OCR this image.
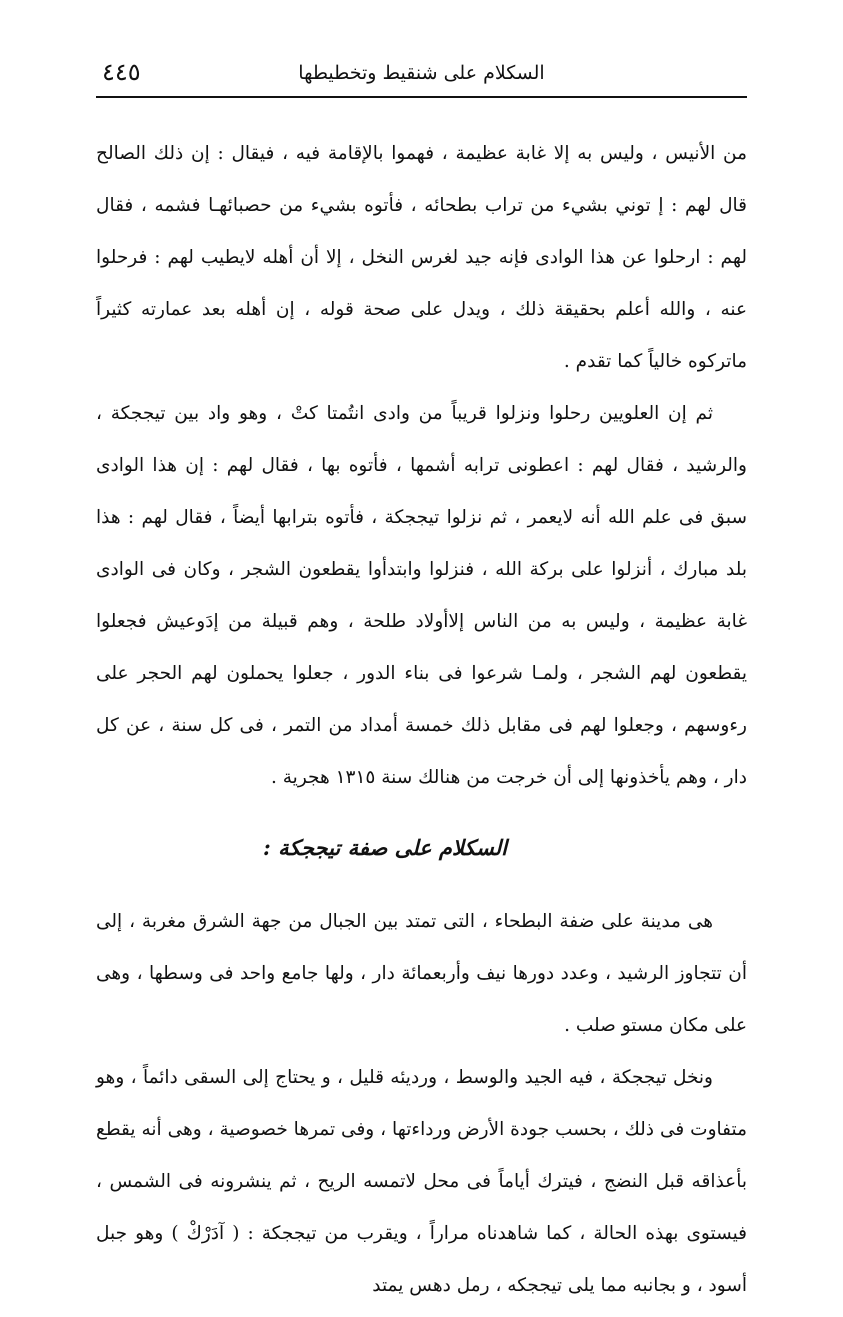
السكلام على شنقيط وتخطيطها
٤٤٥

من الأنيس ، وليس به إلا غابة عظيمة ، فهموا بالإقامة فيه ، فيقال : إن ذلك الصالح قال لهم : إ توني بشيء من تراب بطحائه ، فأتوه بشيء من حصبائهـا فشمه ، فقال لهم : ارحلوا عن هذا الوادى فإنه جيد لغرس النخل ، إلا أن أهله لايطيب لهم : فرحلوا عنه ، والله أعلم بحقيقة ذلك ، ويدل على صحة قوله ، إن أهله بعد عمارته كثيراً ماتركوه خالياً كما تقدم .

ثم إن العلويين رحلوا ونزلوا قريباً من وادى انتُمتا كتْ ، وهو واد بين تيججكة ، والرشيد ، فقال لهم : اعطونى ترابه أشمها ، فأتوه بها ، فقال لهم : إن هذا الوادى سبق فى علم الله أنه لايعمر ، ثم نزلوا تيججكة ، فأتوه بترابها أيضاً ، فقال لهم : هذا بلد مبارك ، أنزلوا على بركة الله ، فنزلوا وابتدأوا يقطعون الشجر ، وكان فى الوادى غابة عظيمة ، وليس به من الناس إلاأولاد طلحة ، وهم قبيلة من إدَوعيش فجعلوا يقطعون لهم الشجر ، ولمـا شرعوا فى بناء الدور ، جعلوا يحملون لهم الحجر على رءوسهم ، وجعلوا لهم فى مقابل ذلك خمسة أمداد من التمر ، فى كل سنة ، عن كل دار ، وهم يأخذونها إلى أن خرجت من هنالك سنة ١٣١٥ هجرية .

السكلام على صفة تيججكة :

هى مدينة على ضفة البطحاء ، التى تمتد بين الجبال من جهة الشرق مغربة ، إلى أن تتجاوز الرشيد ، وعدد دورها نيف وأربعمائة دار ، ولها جامع واحد فى وسطها ، وهى على مكان مستو صلب .

ونخل تيججكة ، فيه الجيد والوسط ، ورديئه قليل ، و يحتاج إلى السقى دائماً ، وهو متفاوت فى ذلك ، بحسب جودة الأرض ورداءتها ، وفى تمرها خصوصية ، وهى أنه يقطع بأعذاقه قبل النضج ، فيترك أياماً فى محل لاتمسه الريح ، ثم ينشرونه فى الشمس ، فيستوى بهذه الحالة ، كما شاهدناه مراراً ، ويقرب من تيججكة : ( آدَرْكْ ) وهو جبل أسود ، و بجانبه مما يلى تيججكه ، رمل دهس يمتد
